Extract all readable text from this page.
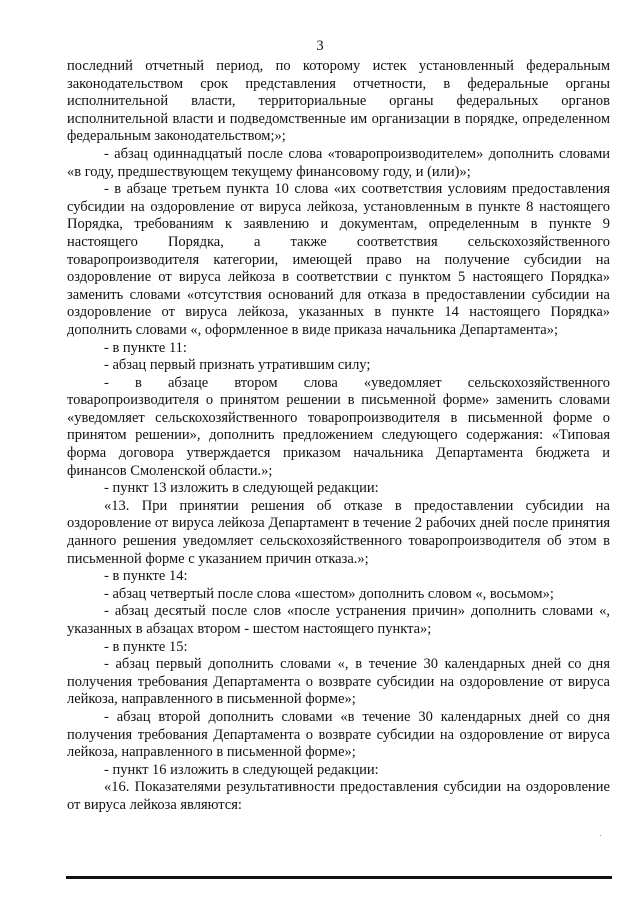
3

последний отчетный период, по которому истек установленный федеральным законодательством срок представления отчетности, в федеральные органы исполнительной власти, территориальные органы федеральных органов исполнительной власти и подведомственные им организации в порядке, определенном федеральным законодательством;»;

- абзац одиннадцатый после слова «товаропроизводителем» дополнить словами «в году, предшествующем текущему финансовому году, и (или)»;

- в абзаце третьем пункта 10 слова «их соответствия условиям предоставления субсидии на оздоровление от вируса лейкоза, установленным в пункте 8 настоящего Порядка, требованиям к заявлению и документам, определенным в пункте 9 настоящего Порядка, а также соответствия сельскохозяйственного товаропроизводителя категории, имеющей право на получение субсидии на оздоровление от вируса лейкоза в соответствии с пунктом 5 настоящего Порядка» заменить словами «отсутствия оснований для отказа в предоставлении субсидии на оздоровление от вируса лейкоза, указанных в пункте 14 настоящего Порядка» дополнить словами «, оформленное в виде приказа начальника Департамента»;

- в пункте 11:

- абзац первый признать утратившим силу;

- в абзаце втором слова «уведомляет сельскохозяйственного товаропроизводителя о принятом решении в письменной форме» заменить словами «уведомляет сельскохозяйственного товаропроизводителя в письменной форме о принятом решении», дополнить предложением следующего содержания: «Типовая форма договора утверждается приказом начальника Департамента бюджета и финансов Смоленской области.»;

- пункт 13 изложить в следующей редакции:

«13. При принятии решения об отказе в предоставлении субсидии на оздоровление от вируса лейкоза Департамент в течение 2 рабочих дней после принятия данного решения уведомляет сельскохозяйственного товаропроизводителя об этом в письменной форме с указанием причин отказа.»;

- в пункте 14:

- абзац четвертый после слова «шестом» дополнить словом «, восьмом»;

- абзац десятый после слов «после устранения причин» дополнить словами «, указанных в абзацах втором - шестом настоящего пункта»;

- в пункте 15:

- абзац первый дополнить словами «, в течение 30 календарных дней со дня получения требования Департамента о возврате субсидии на оздоровление от вируса лейкоза, направленного в письменной форме»;

- абзац второй дополнить словами «в течение 30 календарных дней со дня получения требования Департамента о возврате субсидии на оздоровление от вируса лейкоза, направленного в письменной форме»;

- пункт 16 изложить в следующей редакции:

«16. Показателями результативности предоставления субсидии на оздоровление от вируса лейкоза являются:
